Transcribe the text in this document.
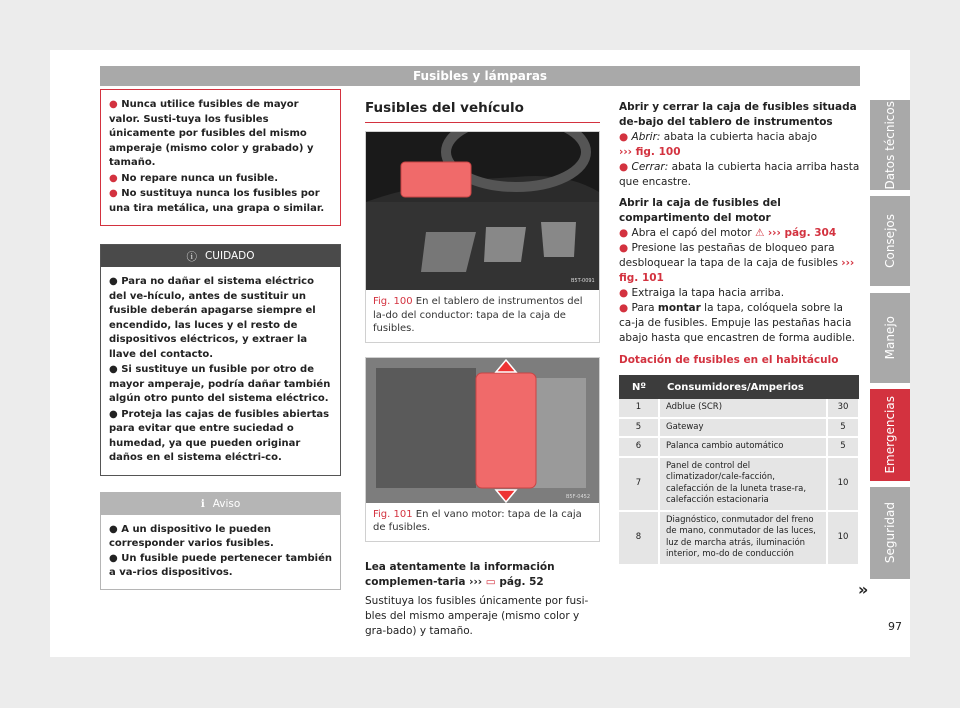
Fusibles y lámparas
Datos técnicos
Consejos
Manejo
Emergencias
Seguridad
97

● Nunca utilice fusibles de mayor valor. Susti-tuya los fusibles únicamente por fusibles del mismo amperaje (mismo color y grabado) y tamaño.

● No repare nunca un fusible.

● No sustituya nunca los fusibles por una tira metálica, una grapa o similar.

ⓘ CUIDADO

● Para no dañar el sistema eléctrico del ve-hículo, antes de sustituir un fusible deberán apagarse siempre el encendido, las luces y el resto de dispositivos eléctricos, y extraer la llave del contacto.

● Si sustituye un fusible por otro de mayor amperaje, podría dañar también algún otro punto del sistema eléctrico.

● Proteja las cajas de fusibles abiertas para evitar que entre suciedad o humedad, ya que pueden originar daños en el sistema eléctri-co.

ℹ Aviso

● A un dispositivo le pueden corresponder varios fusibles.

● Un fusible puede pertenecer también a va-rios dispositivos.

Fusibles del vehículo
B5T-0091
Fig. 100 En el tablero de instrumentos del la-do del conductor: tapa de la caja de fusibles.
B5F-0452
Fig. 101 En el vano motor: tapa de la caja de fusibles.
Lea atentamente la información complemen-taria ››› ▭ pág. 52
Sustituya los fusibles únicamente por fusi-bles del mismo amperaje (mismo color y gra-bado) y tamaño.
Abrir y cerrar la caja de fusibles situada de-bajo del tablero de instrumentos
● Abrir: abata la cubierta hacia abajo
››› fig. 100
● Cerrar: abata la cubierta hacia arriba hasta que encastre.
Abrir la caja de fusibles del compartimento del motor
● Abra el capó del motor ⚠ ››› pág. 304
● Presione las pestañas de bloqueo para desbloquear la tapa de la caja de fusibles ››› fig. 101
● Extraiga la tapa hacia arriba.
● Para montar la tapa, colóquela sobre la ca-ja de fusibles. Empuje las pestañas hacia abajo hasta que encastren de forma audible.
Dotación de fusibles en el habitáculo
Nº	Consumidores/Amperios	
1	Adblue (SCR)	30
5	Gateway	5
6	Palanca cambio automático	5
7	Panel de control del climatizador/cale-facción, calefacción de la luneta trase-ra, calefacción estacionaria	10
8	Diagnóstico, conmutador del freno de mano, conmutador de las luces, luz de marcha atrás, iluminación interior, mo-do de conducción	10
»
